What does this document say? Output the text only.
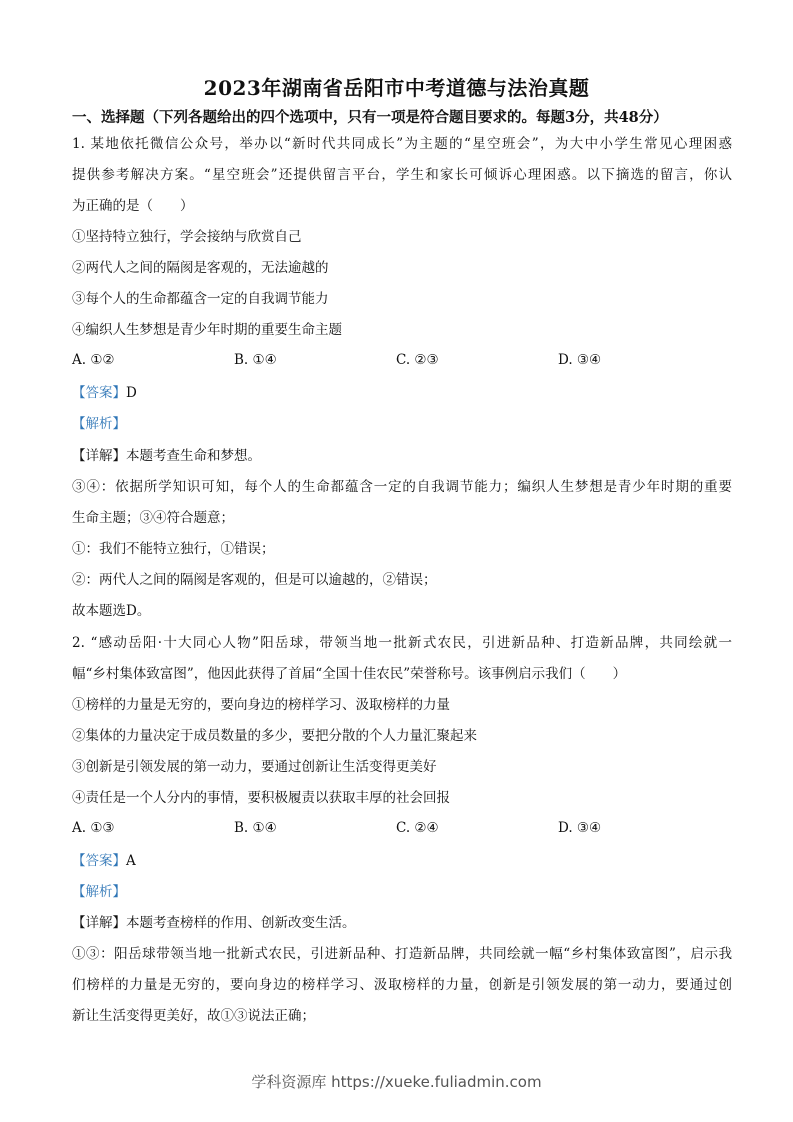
2023年湖南省岳阳市中考道德与法治真题
一、选择题（下列各题给出的四个选项中，只有一项是符合题目要求的。每题3分，共48分）
1. 某地依托微信公众号，举办以“新时代共同成长”为主题的“星空班会”，为大中小学生常见心理困惑
提供参考解决方案。“星空班会”还提供留言平台，学生和家长可倾诉心理困惑。以下摘选的留言，你认
为正确的是（　　）
①坚持特立独行，学会接纳与欣赏自己
②两代人之间的隔阂是客观的，无法逾越的
③每个人的生命都蕴含一定的自我调节能力
④编织人生梦想是青少年时期的重要生命主题
A. ①②	B. ①④	C. ②③	D. ③④
【答案】D
【解析】
【详解】本题考查生命和梦想。
③④：依据所学知识可知，每个人的生命都蕴含一定的自我调节能力；编织人生梦想是青少年时期的重要
生命主题；③④符合题意；
①：我们不能特立独行，①错误；
②：两代人之间的隔阂是客观的，但是可以逾越的，②错误；
故本题选D。
2. “感动岳阳·十大同心人物”阳岳球，带领当地一批新式农民，引进新品种、打造新品牌，共同绘就一
幅“乡村集体致富图”，他因此获得了首届“全国十佳农民”荣誉称号。该事例启示我们（　　）
①榜样的力量是无穷的，要向身边的榜样学习、汲取榜样的力量
②集体的力量决定于成员数量的多少，要把分散的个人力量汇聚起来
③创新是引领发展的第一动力，要通过创新让生活变得更美好
④责任是一个人分内的事情，要积极履责以获取丰厚的社会回报
A. ①③	B. ①④	C. ②④	D. ③④
【答案】A
【解析】
【详解】本题考查榜样的作用、创新改变生活。
①③：阳岳球带领当地一批新式农民，引进新品种、打造新品牌，共同绘就一幅“乡村集体致富图”，启示我
们榜样的力量是无穷的，要向身边的榜样学习、汲取榜样的力量，创新是引领发展的第一动力，要通过创
新让生活变得更美好，故①③说法正确；
学科资源库 https://xueke.fuliadmin.com
